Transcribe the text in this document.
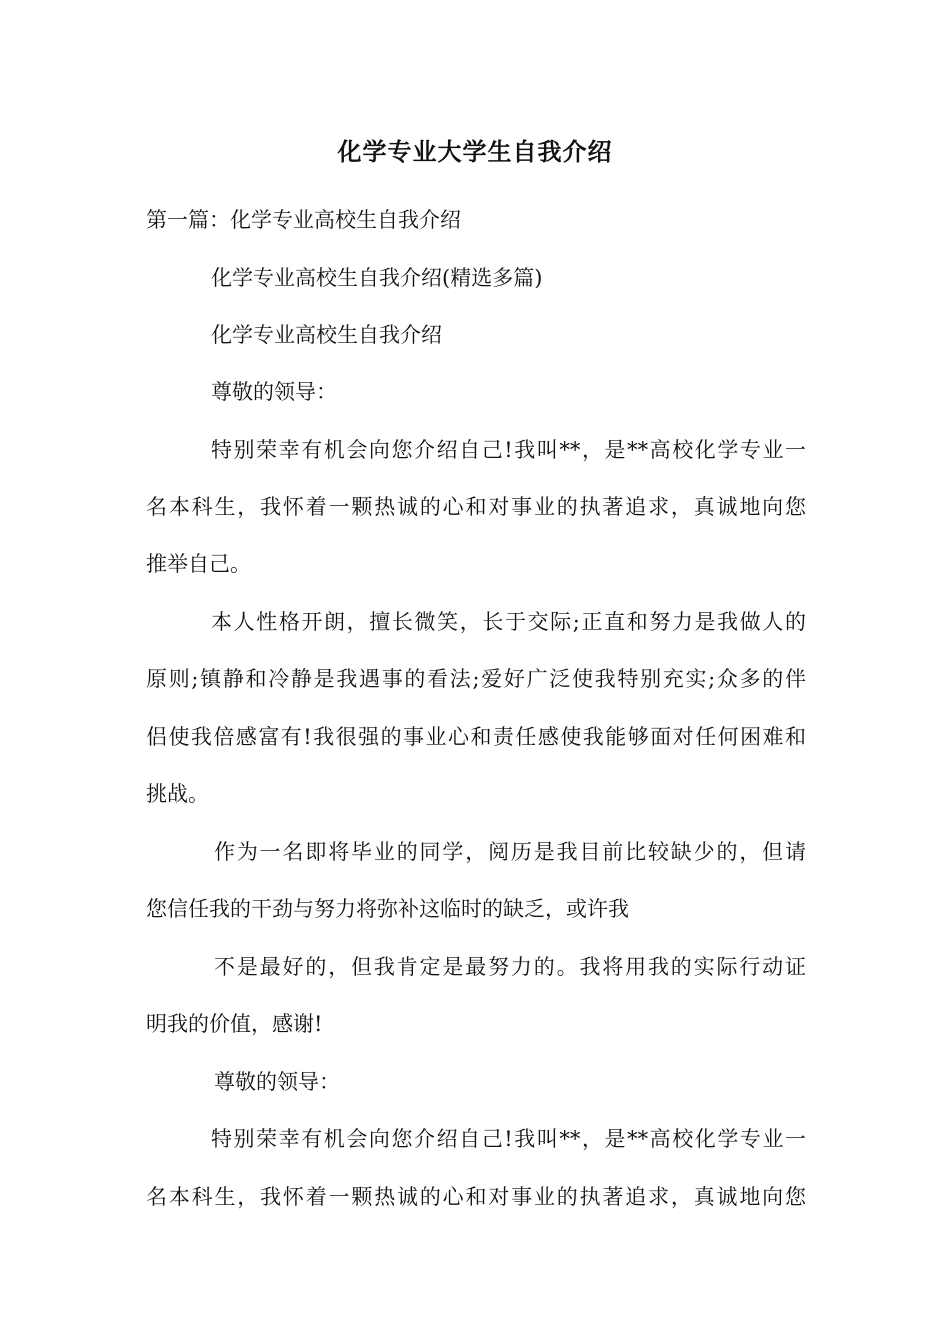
化学专业大学生自我介绍
第一篇：化学专业高校生自我介绍
化学专业高校生自我介绍(精选多篇)
化学专业高校生自我介绍
尊敬的领导：
特别荣幸有机会向您介绍自己!我叫**，是**高校化学专业一
名本科生，我怀着一颗热诚的心和对事业的执著追求，真诚地向您
推举自己。
本人性格开朗，擅长微笑，长于交际;正直和努力是我做人的
原则;镇静和冷静是我遇事的看法;爱好广泛使我特别充实;众多的伴
侣使我倍感富有!我很强的事业心和责任感使我能够面对任何困难和
挑战。
作为一名即将毕业的同学，阅历是我目前比较缺少的，但请
您信任我的干劲与努力将弥补这临时的缺乏，或许我
不是最好的，但我肯定是最努力的。我将用我的实际行动证
明我的价值，感谢!
尊敬的领导：
特别荣幸有机会向您介绍自己!我叫**，是**高校化学专业一
名本科生，我怀着一颗热诚的心和对事业的执著追求，真诚地向您
